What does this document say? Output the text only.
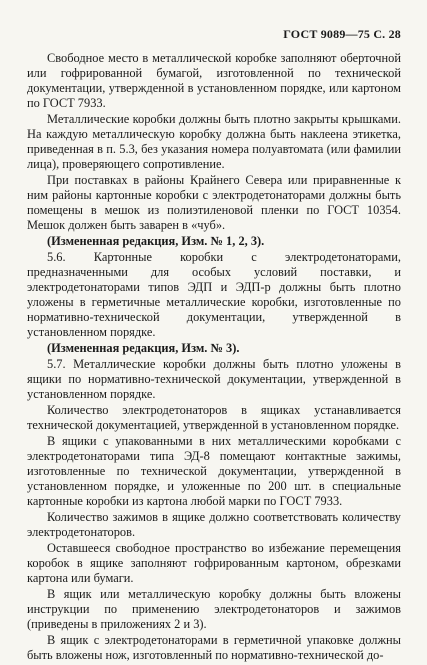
ГОСТ 9089—75 С. 28

Свободное место в металлической коробке заполняют оберточной или гофрированной бумагой, изготовленной по технической документации, утвержденной в установленном порядке, или картоном по ГОСТ 7933.

Металлические коробки должны быть плотно закрыты крышками. На каждую металлическую коробку должна быть наклеена этикетка, приведенная в п. 5.3, без указания номера полуавтомата (или фамилии лица), проверяющего сопротивление.

При поставках в районы Крайнего Севера или приравненные к ним районы картонные коробки с электродетонаторами должны быть помещены в мешок из полиэтиленовой пленки по ГОСТ 10354. Мешок должен быть заварен в «чуб».

(Измененная редакция, Изм. № 1, 2, 3).

5.6. Картонные коробки с электродетонаторами, предназначенными для особых условий поставки, и электродетонаторами типов ЭДП и ЭДП-р должны быть плотно уложены в герметичные металлические коробки, изготовленные по нормативно-технической документации, утвержденной в установленном порядке.

(Измененная редакция, Изм. № 3).

5.7. Металлические коробки должны быть плотно уложены в ящики по нормативно-технической документации, утвержденной в установленном порядке.

Количество электродетонаторов в ящиках устанавливается технической документацией, утвержденной в установленном порядке.

В ящики с упакованными в них металлическими коробками с электродетонаторами типа ЭД-8 помещают контактные зажимы, изготовленные по технической документации, утвержденной в установленном порядке, и уложенные по 200 шт. в специальные картонные коробки из картона любой марки по ГОСТ 7933.

Количество зажимов в ящике должно соответствовать количеству электродетонаторов.

Оставшееся свободное пространство во избежание перемещения коробок в ящике заполняют гофрированным картоном, обрезками картона или бумаги.

В ящик или металлическую коробку должны быть вложены инструкции по применению электродетонаторов и зажимов (приведены в приложениях 2 и 3).

В ящик с электродетонаторами в герметичной упаковке должны быть вложены нож, изготовленный по нормативно-технической до-
